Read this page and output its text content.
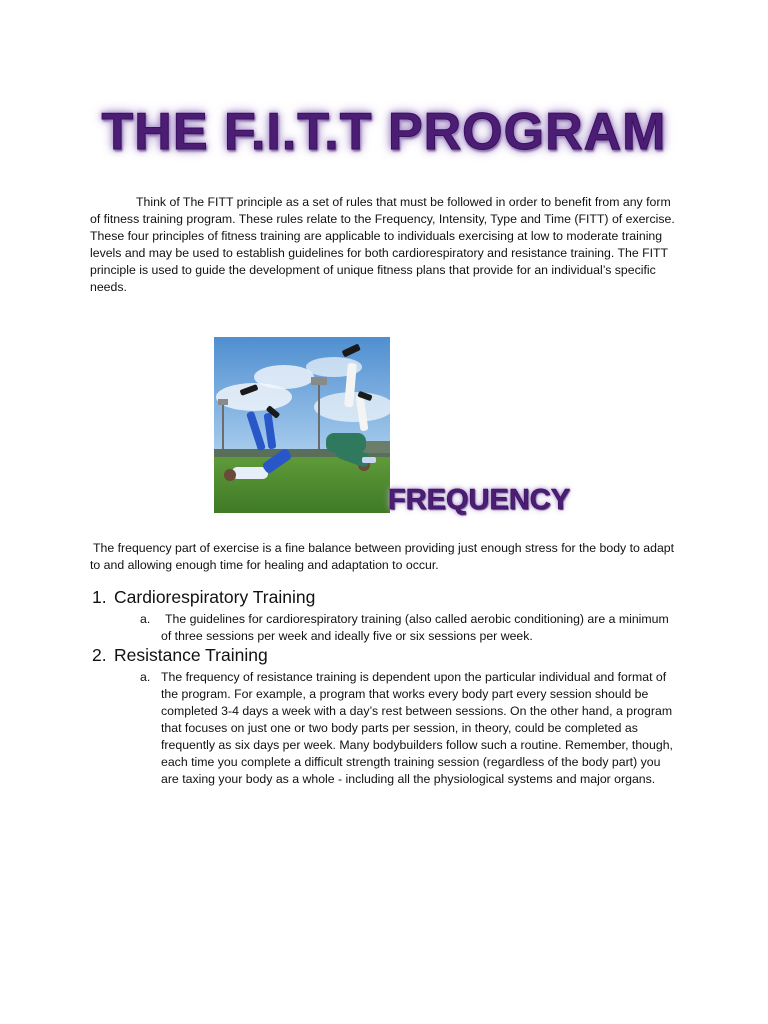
THE F.I.T.T PROGRAM

Think of The FITT principle as a set of rules that must be followed in order to benefit from any form of fitness training program. These rules relate to the Frequency, Intensity, Type and Time (FITT) of exercise. These four principles of fitness training are applicable to individuals exercising at low to moderate training levels and may be used to establish guidelines for both cardiorespiratory and resistance training. The FITT principle is used to guide the development of unique fitness plans that provide for an individual’s specific needs.

FREQUENCY

The frequency part of exercise is a fine balance between providing just enough stress for the body to adapt to and allowing enough time for healing and adaptation to occur.

1. Cardiorespiratory Training
a.	The guidelines for cardiorespiratory training (also called aerobic conditioning) are a minimum of three sessions per week and ideally five or six sessions per week.
2. Resistance Training
a. The frequency of resistance training is dependent upon the particular individual and format of the program. For example, a program that works every body part every session should be completed 3-4 days a week with a day’s rest between sessions. On the other hand, a program that focuses on just one or two body parts per session, in theory, could be completed as frequently as six days per week. Many bodybuilders follow such a routine. Remember, though, each time you complete a difficult strength training session (regardless of the body part) you are taxing your body as a whole - including all the physiological systems and major organs.
